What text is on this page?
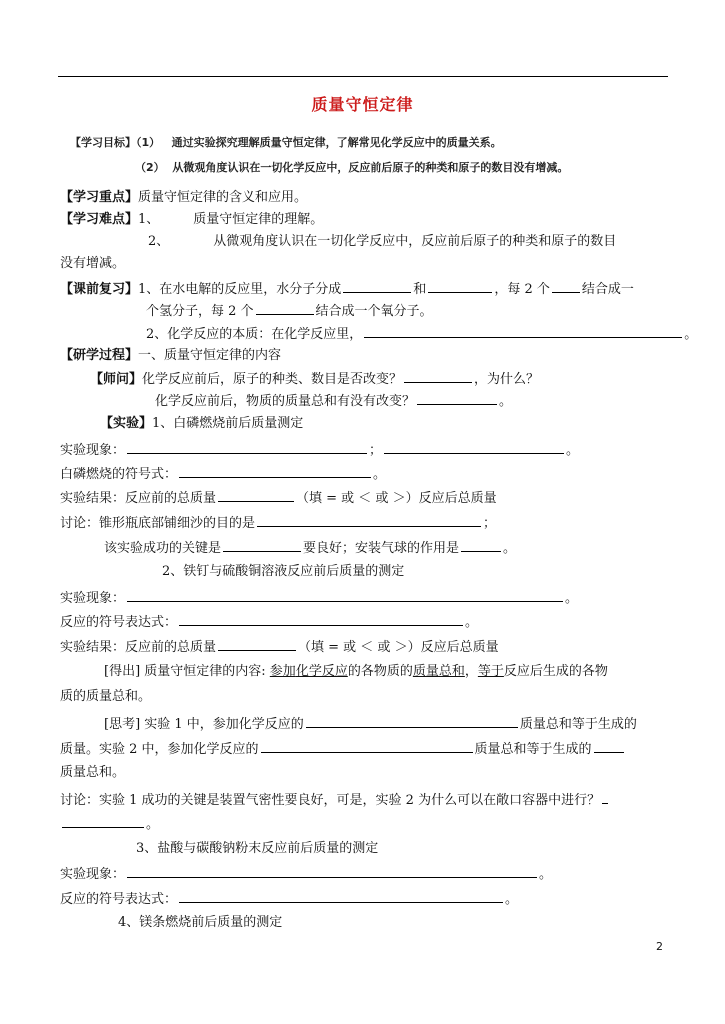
质量守恒定律
【学习目标】（1） 通过实验探究理解质量守恒定律，了解常见化学反应中的质量关系。
（2） 从微观角度认识在一切化学反应中，反应前后原子的种类和原子的数目没有增减。
【学习重点】质量守恒定律的含义和应用。
【学习难点】1、	质量守恒定律的理解。
2、	从微观角度认识在一切化学反应中，反应前后原子的种类和原子的数目
没有增减。
【课前复习】1、在水电解的反应里，水分子分成	和	，每 2 个 结合成一
个氢分子，每 2 个	结合成一个氧分子。
2、化学反应的本质：在化学反应里，	。
【研学过程】一、质量守恒定律的内容
【师问】化学反应前后，原子的种类、数目是否改变？	，为什么？
化学反应前后，物质的质量总和有没有改变？	。
【实验】1、白磷燃烧前后质量测定
实验现象：	；	。
白磷燃烧的符号式：	。
实验结果：反应前的总质量	（填 = 或 ＜ 或 ＞）反应后总质量
讨论：锥形瓶底部铺细沙的目的是	；
该实验成功的关键是	要良好；安装气球的作用是	。
2、铁钉与硫酸铜溶液反应前后质量的测定
实验现象：	。
反应的符号表达式：	。
实验结果：反应前的总质量	（填 = 或 ＜ 或 ＞）反应后总质量
[得出] 质量守恒定律的内容: 参加化学反应的各物质的质量总和，等于反应后生成的各物
质的质量总和。
[思考] 实验 1 中，参加化学反应的	质量总和等于生成的
质量。实验 2 中，参加化学反应的	质量总和等于生成的
质量总和。
讨论：实验 1 成功的关键是装置气密性要良好，可是，实验 2 为什么可以在敞口容器中进行？
。
3、盐酸与碳酸钠粉末反应前后质量的测定
实验现象：	。
反应的符号表达式：	。
4、镁条燃烧前后质量的测定
2
